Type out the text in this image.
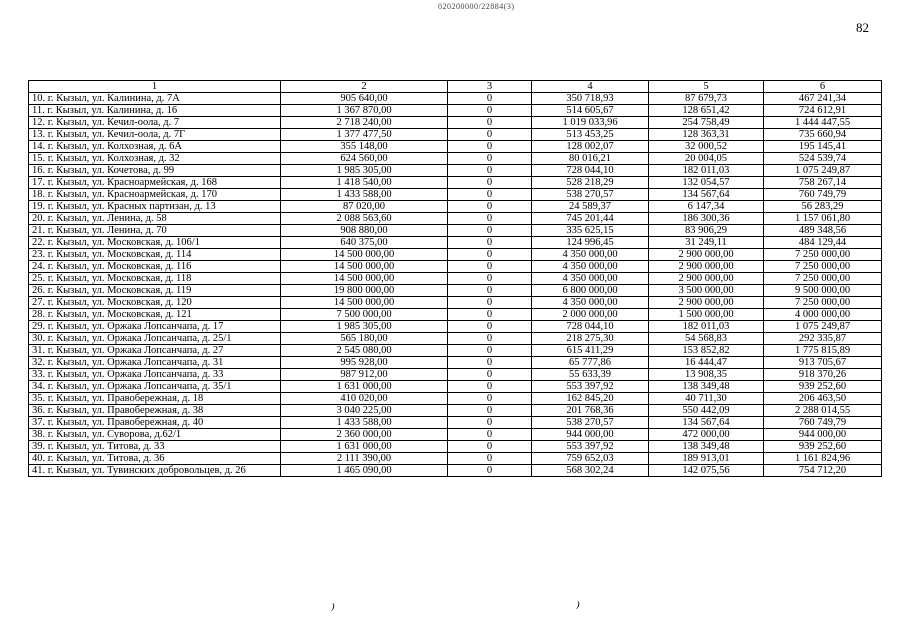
020200000/22884(3)
82
1	2	3	4	5	6
10. г. Кызыл, ул. Калинина, д. 7А	905 640,00	0	350 718,93	87 679,73	467 241,34
11. г. Кызыл, ул. Калинина, д. 16	1 367 870,00	0	514 605,67	128 651,42	724 612,91
12. г. Кызыл, ул. Кечил-оола, д. 7	2 718 240,00	0	1 019 033,96	254 758,49	1 444 447,55
13. г. Кызыл, ул. Кечил-оола, д. 7Г	1 377 477,50	0	513 453,25	128 363,31	735 660,94
14. г. Кызыл, ул. Колхозная, д. 6А	355 148,00	0	128 002,07	32 000,52	195 145,41
15. г. Кызыл, ул. Колхозная, д. 32	624 560,00	0	80 016,21	20 004,05	524 539,74
16. г. Кызыл, ул. Кочетова, д. 99	1 985 305,00	0	728 044,10	182 011,03	1 075 249,87
17. г. Кызыл, ул. Красноармейская, д. 168	1 418 540,00	0	528 218,29	132 054,57	758 267,14
18. г. Кызыл, ул. Красноармейская, д. 170	1 433 588,00	0	538 270,57	134 567,64	760 749,79
19. г. Кызыл, ул. Красных партизан, д. 13	87 020,00	0	24 589,37	6 147,34	56 283,29
20. г. Кызыл, ул. Ленина, д. 58	2 088 563,60	0	745 201,44	186 300,36	1 157 061,80
21. г. Кызыл, ул. Ленина, д. 70	908 880,00	0	335 625,15	83 906,29	489 348,56
22. г. Кызыл, ул. Московская, д. 106/1	640 375,00	0	124 996,45	31 249,11	484 129,44
23. г. Кызыл, ул. Московская, д. 114	14 500 000,00	0	4 350 000,00	2 900 000,00	7 250 000,00
24. г. Кызыл, ул. Московская, д. 116	14 500 000,00	0	4 350 000,00	2 900 000,00	7 250 000,00
25. г. Кызыл, ул. Московская, д. 118	14 500 000,00	0	4 350 000,00	2 900 000,00	7 250 000,00
26. г. Кызыл, ул. Московская, д. 119	19 800 000,00	0	6 800 000,00	3 500 000,00	9 500 000,00
27. г. Кызыл, ул. Московская, д. 120	14 500 000,00	0	4 350 000,00	2 900 000,00	7 250 000,00
28. г. Кызыл, ул. Московская, д. 121	7 500 000,00	0	2 000 000,00	1 500 000,00	4 000 000,00
29. г. Кызыл, ул. Оржака Лопсанчапа, д. 17	1 985 305,00	0	728 044,10	182 011,03	1 075 249,87
30. г. Кызыл, ул. Оржака Лопсанчапа, д. 25/1	565 180,00	0	218 275,30	54 568,83	292 335,87
31. г. Кызыл, ул. Оржака Лопсанчапа, д. 27	2 545 080,00	0	615 411,29	153 852,82	1 775 815,89
32. г. Кызыл, ул. Оржака Лопсанчапа, д. 31	995 928,00	0	65 777,86	16 444,47	913 705,67
33. г. Кызыл, ул. Оржака Лопсанчапа, д. 33	987 912,00	0	55 633,39	13 908,35	918 370,26
34. г. Кызыл, ул. Оржака Лопсанчапа, д. 35/1	1 631 000,00	0	553 397,92	138 349,48	939 252,60
35. г. Кызыл, ул. Правобережная, д. 18	410 020,00	0	162 845,20	40 711,30	206 463,50
36. г. Кызыл, ул. Правобережная, д. 38	3 040 225,00	0	201 768,36	550 442,09	2 288 014,55
37. г. Кызыл, ул. Правобережная, д. 40	1 433 588,00	0	538 270,57	134 567,64	760 749,79
38. г. Кызыл, ул. Суворова, д.62/1	2 360 000,00	0	944 000,00	472 000,00	944 000,00
39. г. Кызыл, ул. Титова, д. 33	1 631 000,00	0	553 397,92	138 349,48	939 252,60
40. г. Кызыл, ул. Титова, д. 36	2 111 390,00	0	759 652,03	189 913,01	1 161 824,96
41. г. Кызыл, ул. Тувинских добровольцев, д. 26	1 465 090,00	0	568 302,24	142 075,56	754 712,20
⁾	⁾
